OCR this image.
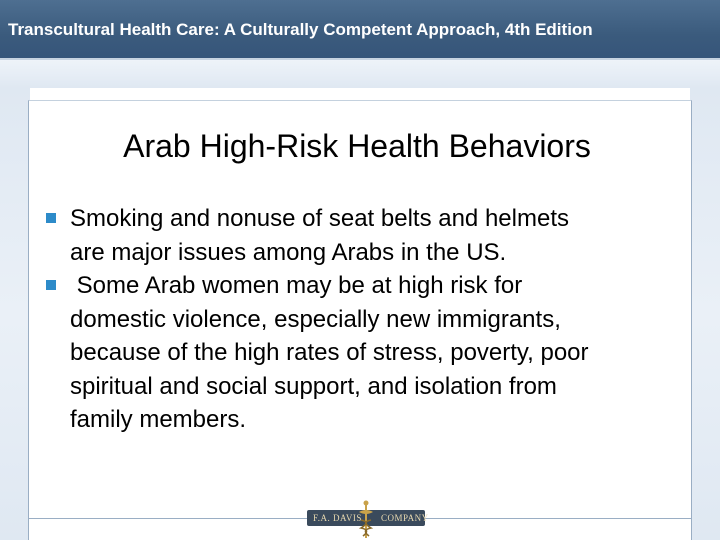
Transcultural Health Care: A Culturally Competent Approach, 4th Edition
Arab High-Risk Health Behaviors
Smoking and nonuse of seat belts and helmets
are major issues among Arabs in the US.
Some Arab women may be at high risk for
domestic violence, especially new immigrants,
because of the high rates of stress, poverty, poor
spiritual and social support, and isolation from
family members.
F.A. DAVIS COMPANY
